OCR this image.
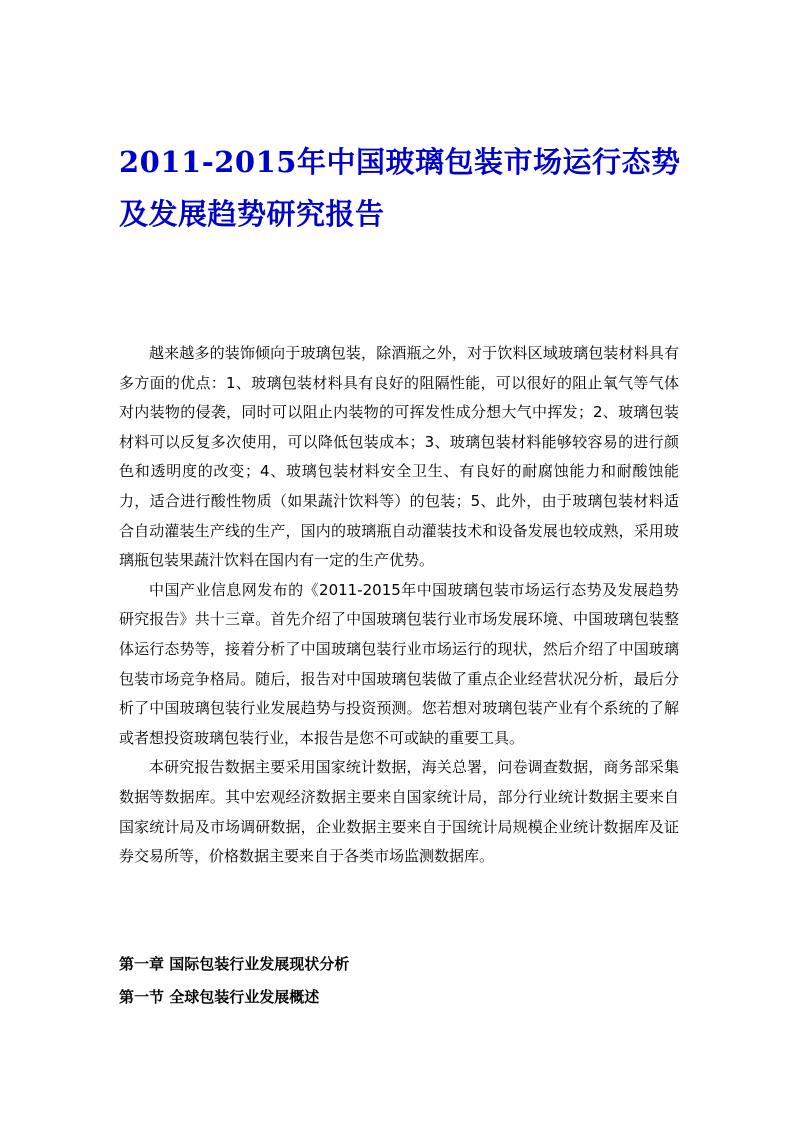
2011-2015年中国玻璃包装市场运行态势及发展趋势研究报告

越来越多的装饰倾向于玻璃包装，除酒瓶之外，对于饮料区域玻璃包装材料具有多方面的优点：1、玻璃包装材料具有良好的阻隔性能，可以很好的阻止氧气等气体对内装物的侵袭，同时可以阻止内装物的可挥发性成分想大气中挥发；2、玻璃包装材料可以反复多次使用，可以降低包装成本；3、玻璃包装材料能够较容易的进行颜色和透明度的改变；4、玻璃包装材料安全卫生、有良好的耐腐蚀能力和耐酸蚀能力，适合进行酸性物质（如果蔬汁饮料等）的包装；5、此外，由于玻璃包装材料适合自动灌装生产线的生产，国内的玻璃瓶自动灌装技术和设备发展也较成熟，采用玻璃瓶包装果蔬汁饮料在国内有一定的生产优势。

中国产业信息网发布的《2011-2015年中国玻璃包装市场运行态势及发展趋势研究报告》共十三章。首先介绍了中国玻璃包装行业市场发展环境、中国玻璃包装整体运行态势等，接着分析了中国玻璃包装行业市场运行的现状，然后介绍了中国玻璃包装市场竞争格局。随后，报告对中国玻璃包装做了重点企业经营状况分析，最后分析了中国玻璃包装行业发展趋势与投资预测。您若想对玻璃包装产业有个系统的了解或者想投资玻璃包装行业，本报告是您不可或缺的重要工具。

本研究报告数据主要采用国家统计数据，海关总署，问卷调查数据，商务部采集数据等数据库。其中宏观经济数据主要来自国家统计局，部分行业统计数据主要来自国家统计局及市场调研数据，企业数据主要来自于国统计局规模企业统计数据库及证券交易所等，价格数据主要来自于各类市场监测数据库。

第一章 国际包装行业发展现状分析
第一节 全球包装行业发展概述
